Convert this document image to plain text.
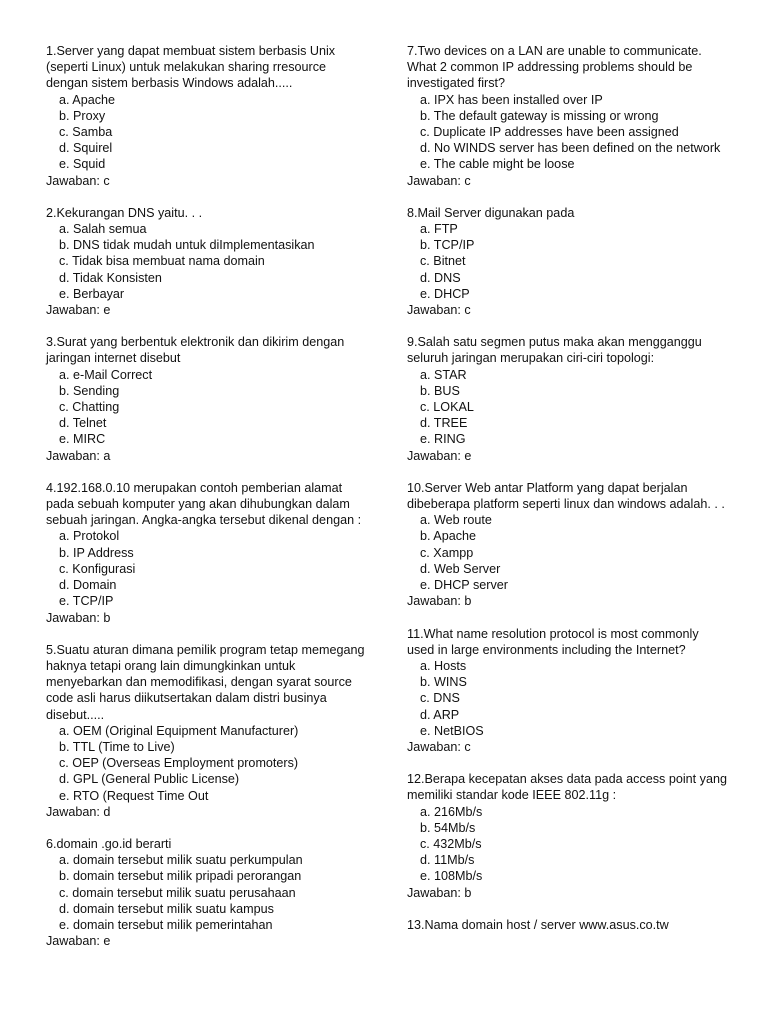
1.Server yang dapat membuat sistem berbasis Unix (seperti Linux) untuk melakukan sharing rresource dengan sistem berbasis Windows adalah.....
a. Apache
b. Proxy
c. Samba
d. Squirel
e. Squid
Jawaban: c
2.Kekurangan DNS yaitu. . .
a. Salah semua
b. DNS tidak mudah untuk diImplementasikan
c. Tidak bisa membuat nama domain
d. Tidak Konsisten
e. Berbayar
Jawaban: e
3.Surat yang berbentuk elektronik dan dikirim dengan jaringan internet disebut
a. e-Mail Correct
b. Sending
c. Chatting
d. Telnet
e. MIRC
Jawaban: a
4.192.168.0.10 merupakan contoh pemberian alamat pada sebuah komputer yang akan dihubungkan dalam sebuah jaringan. Angka-angka tersebut dikenal dengan :
a. Protokol
b. IP Address
c. Konfigurasi
d. Domain
e. TCP/IP
Jawaban: b
5.Suatu aturan dimana pemilik program tetap memegang haknya tetapi orang lain dimungkinkan untuk menyebarkan dan memodifikasi, dengan syarat source code asli harus diikutsertakan dalam distri businya disebut.....
a. OEM (Original Equipment Manufacturer)
b. TTL (Time to Live)
c. OEP (Overseas Employment promoters)
d. GPL (General Public License)
e. RTO (Request Time Out
Jawaban: d
6.domain .go.id berarti
a. domain tersebut milik suatu perkumpulan
b. domain tersebut milik pripadi perorangan
c. domain tersebut milik suatu perusahaan
d. domain tersebut milik suatu kampus
e. domain tersebut milik pemerintahan
Jawaban: e
7.Two devices on a LAN are unable to communicate. What 2 common IP addressing problems should be investigated first?
a. IPX has been installed over IP
b. The default gateway is missing or wrong
c. Duplicate IP addresses have been assigned
d. No WINDS server has been defined on the network
e. The cable might be loose
Jawaban: c
8.Mail Server digunakan pada
a. FTP
b. TCP/IP
c. Bitnet
d. DNS
e. DHCP
Jawaban: c
9.Salah satu segmen putus maka akan mengganggu seluruh jaringan merupakan ciri-ciri topologi:
a. STAR
b. BUS
c. LOKAL
d. TREE
e. RING
Jawaban: e
10.Server Web antar Platform yang dapat berjalan dibeberapa platform seperti linux dan windows adalah. . .
a. Web route
b. Apache
c. Xampp
d. Web Server
e. DHCP server
Jawaban: b
11.What name resolution protocol is most commonly used in large environments including the Internet?
a. Hosts
b. WINS
c. DNS
d. ARP
e. NetBIOS
Jawaban: c
12.Berapa kecepatan akses data pada access point yang memiliki standar kode IEEE 802.11g :
a. 216Mb/s
b. 54Mb/s
c. 432Mb/s
d. 11Mb/s
e. 108Mb/s
Jawaban: b
13.Nama domain host / server www.asus.co.tw
